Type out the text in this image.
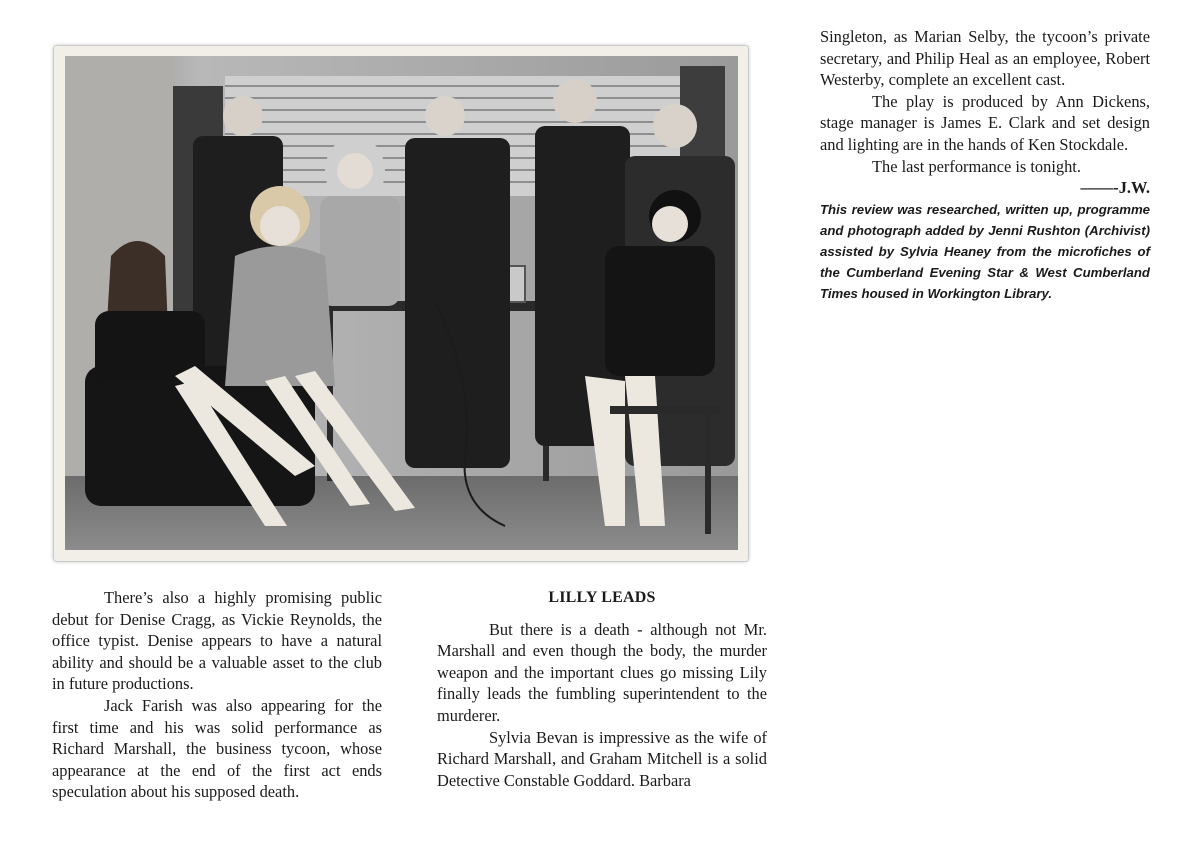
There’s also a highly promising public debut for Denise Cragg, as Vickie Reynolds, the office typist. Denise appears to have a natural ability and should be a valuable asset to the club in future productions.

Jack Farish was also appearing for the first time and his was solid performance as Richard Marshall, the business tycoon, whose appearance at the end of the first act ends speculation about his supposed death.

LILLY LEADS

But there is a death - although not Mr. Marshall and even though the body, the murder weapon and the important clues go missing Lily finally leads the fumbling superintendent to the murderer.

Sylvia Bevan is impressive as the wife of Richard Marshall, and Graham Mitchell is a solid Detective Constable Goddard. Barbara

Singleton, as Marian Selby, the tycoon’s private secretary, and Philip Heal as an employee, Robert Westerby, complete an excellent cast.

The play is produced by Ann Dickens, stage manager is James E. Clark and set design and lighting are in the hands of Ken Stockdale.

The last performance is tonight.

––––-J.W.

This review was researched, written up, programme and photograph added by Jenni Rushton (Archivist) assisted by Sylvia Heaney from the microfiches of the Cumberland Evening Star & West Cumberland Times housed in Workington Library.
